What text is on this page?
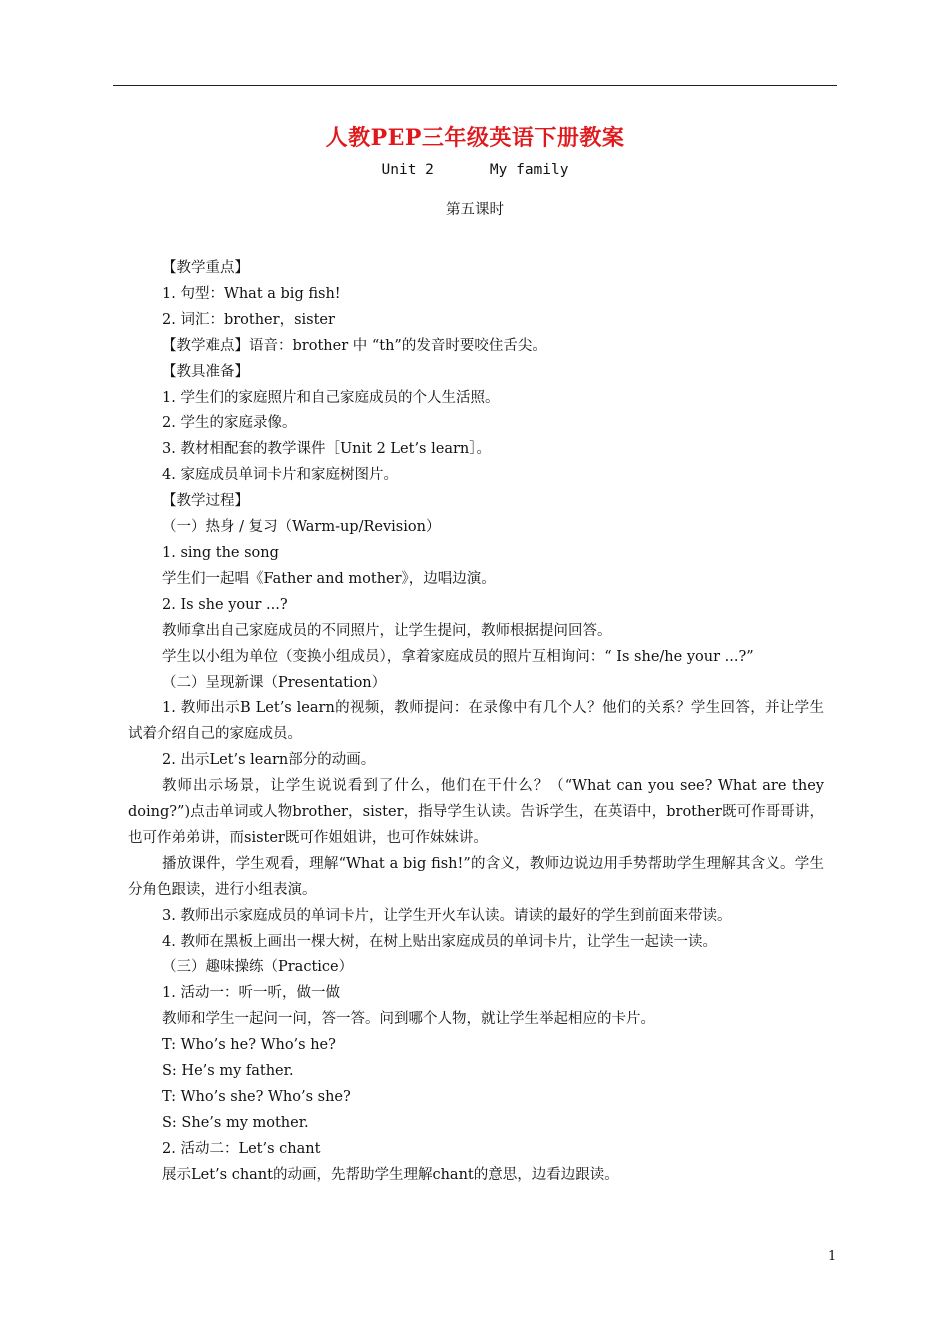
人教PEP三年级英语下册教案
Unit 2	My family
第五课时
【教学重点】
1. 句型：What a big fish!
2. 词汇：brother，sister
【教学难点】语音：brother 中 “th”的发音时要咬住舌尖。
【教具准备】
1. 学生们的家庭照片和自己家庭成员的个人生活照。
2. 学生的家庭录像。
3. 教材相配套的教学课件［Unit 2 Let’s learn］。
4. 家庭成员单词卡片和家庭树图片。
【教学过程】
（一）热身 / 复习（Warm-up/Revision）
1. sing the song
学生们一起唱《Father and mother》，边唱边演。
2. Is she your ...?
教师拿出自己家庭成员的不同照片，让学生提问，教师根据提问回答。
学生以小组为单位（变换小组成员），拿着家庭成员的照片互相询问：“ Is she/he your ...?”
（二）呈现新课（Presentation）
1. 教师出示B Let’s learn的视频，教师提问：在录像中有几个人？他们的关系？学生回答，并让学生试着介绍自己的家庭成员。
2. 出示Let’s learn部分的动画。
教师出示场景，让学生说说看到了什么，他们在干什么？（“What can you see? What are they doing?”)点击单词或人物brother，sister，指导学生认读。告诉学生，在英语中，brother既可作哥哥讲，也可作弟弟讲，而sister既可作姐姐讲，也可作妹妹讲。
播放课件，学生观看，理解“What a big fish!”的含义，教师边说边用手势帮助学生理解其含义。学生分角色跟读，进行小组表演。
3. 教师出示家庭成员的单词卡片，让学生开火车认读。请读的最好的学生到前面来带读。
4. 教师在黑板上画出一棵大树，在树上贴出家庭成员的单词卡片，让学生一起读一读。
（三）趣味操练（Practice）
1. 活动一：听一听，做一做
教师和学生一起问一问，答一答。问到哪个人物，就让学生举起相应的卡片。
T: Who’s he? Who’s he?
S: He’s my father.
T: Who’s she? Who’s she?
S: She’s my mother.
2. 活动二：Let’s chant
展示Let’s chant的动画，先帮助学生理解chant的意思，边看边跟读。
1
